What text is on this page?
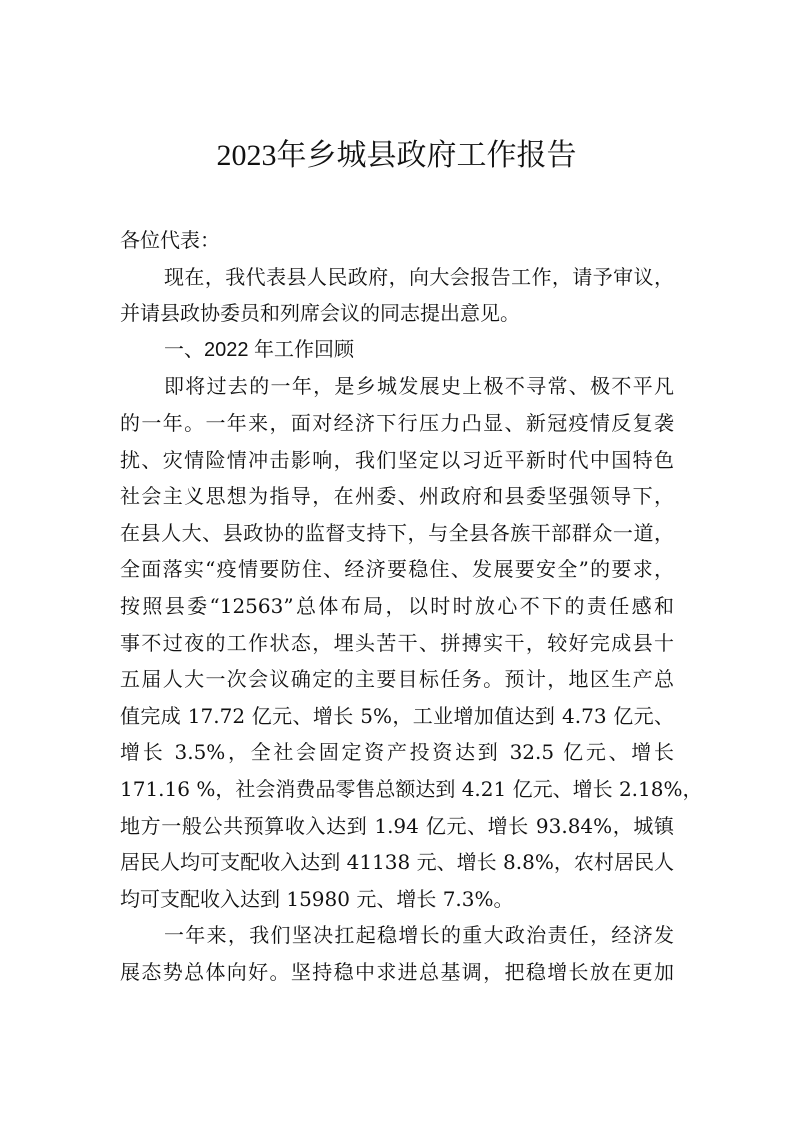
2023年乡城县政府工作报告
各位代表：
现在，我代表县人民政府，向大会报告工作，请予审议，
并请县政协委员和列席会议的同志提出意见。
一、2022 年工作回顾
即将过去的一年，是乡城发展史上极不寻常、极不平凡
的一年。一年来，面对经济下行压力凸显、新冠疫情反复袭
扰、灾情险情冲击影响，我们坚定以习近平新时代中国特色
社会主义思想为指导，在州委、州政府和县委坚强领导下，
在县人大、县政协的监督支持下，与全县各族干部群众一道，
全面落实“疫情要防住、经济要稳住、发展要安全”的要求，
按照县委“12563”总体布局，以时时放心不下的责任感和
事不过夜的工作状态，埋头苦干、拼搏实干，较好完成县十
五届人大一次会议确定的主要目标任务。预计，地区生产总
值完成 17.72 亿元、增长 5%，工业增加值达到 4.73 亿元、
增长 3.5%，全社会固定资产投资达到 32.5 亿元、增长
171.16 %，社会消费品零售总额达到 4.21 亿元、增长 2.18%，
地方一般公共预算收入达到 1.94 亿元、增长 93.84%，城镇
居民人均可支配收入达到 41138 元、增长 8.8%，农村居民人
均可支配收入达到 15980 元、增长 7.3%。
一年来，我们坚决扛起稳增长的重大政治责任，经济发
展态势总体向好。坚持稳中求进总基调，把稳增长放在更加
